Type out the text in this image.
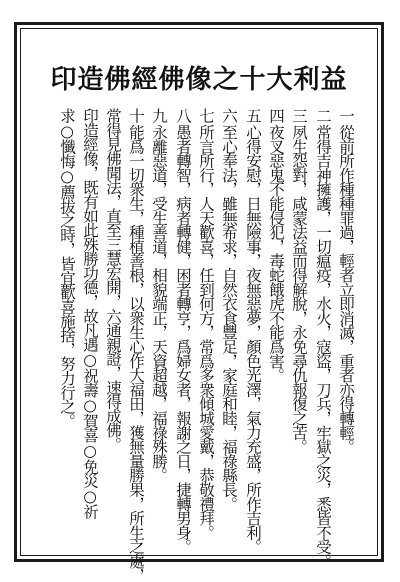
印造佛經佛像之十大利益
一從前所作種種罪過，輕者立即消滅，重者亦得轉輕。
二常得吉神擁護，一切瘟疫，水火，寇盜，刀兵，牢獄之災，悉皆不受。
三夙生怨對，咸蒙法益而得解脫，永免尋仇報復之苦。
四夜叉惡鬼不能侵犯，毒蛇餓虎不能爲害。
五心得安慰，日無險事，夜無惡夢，顏色光澤，氣力充盛，所作吉利。
六至心奉法，雖無希求，自然衣食豐足，家庭和睦，福祿縣長。
七所言所行，人天歡喜，任到何方，常爲多衆傾城愛戴，恭敬禮拜。
八愚者轉智，病者轉健，困者轉亨，爲婦女者，報謝之日，捷轉男身。
九永離惡道，受生善道，相貌端正，天資超越，福祿殊勝。
十能爲一切衆生，種植善根，以衆生心作大福田，獲無量勝果，所生之處，
常得見佛聞法，直至三慧宏開，六通親證，速得成佛。
印造經像，既有如此殊勝功德，故凡遇○祝壽○賀喜○免災○祈
求○懺悔○薦拔之時，皆宜歡喜施捨，努力行之。
